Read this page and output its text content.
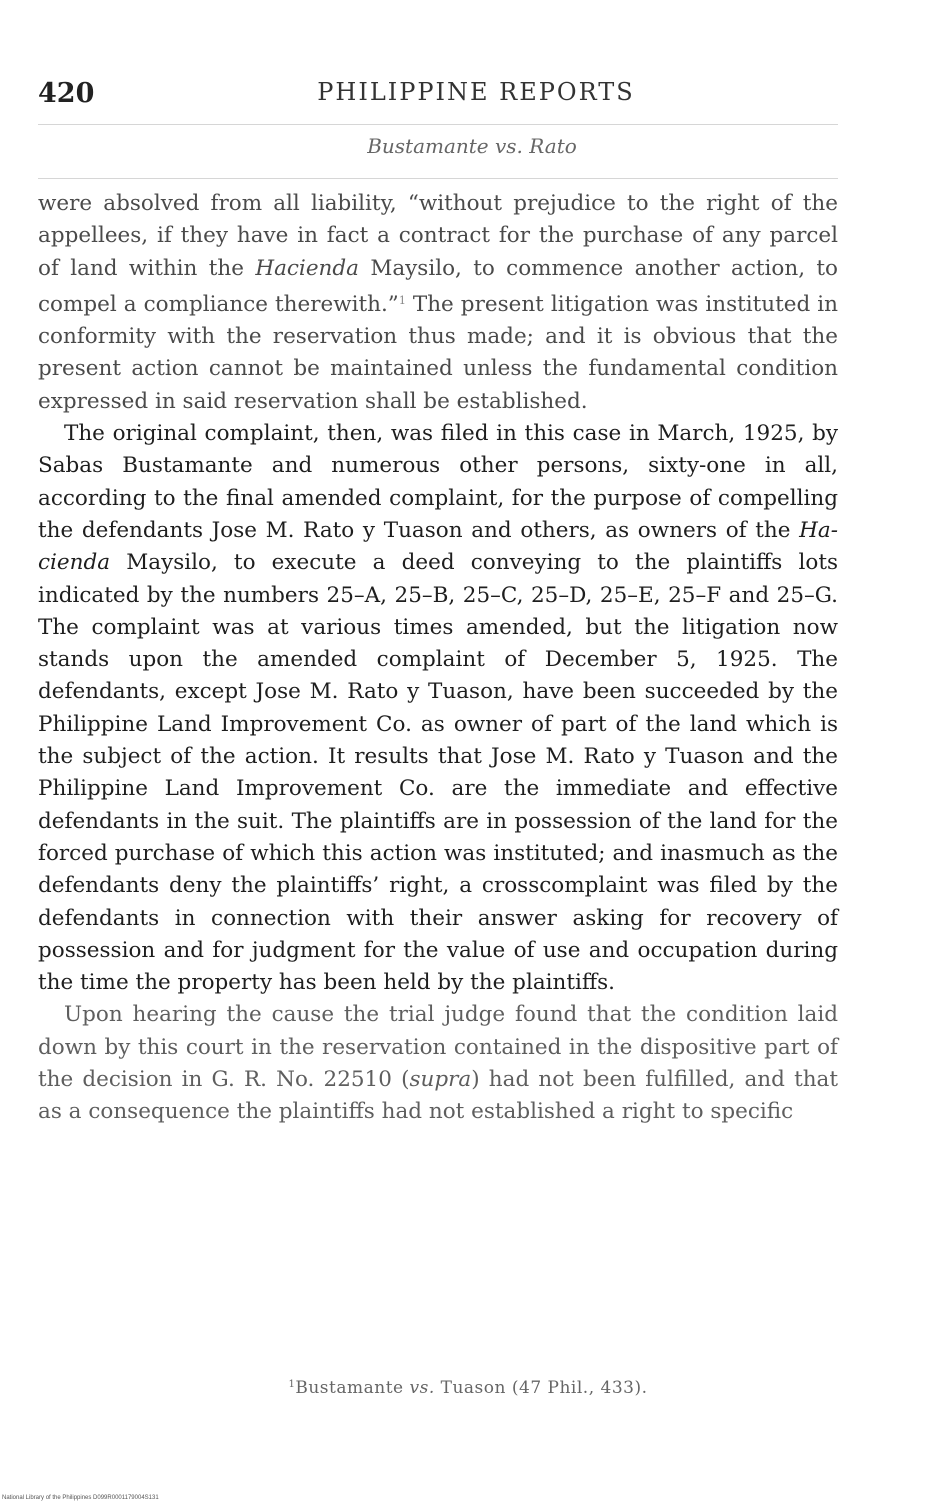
420	PHILIPPINE REPORTS
Bustamante vs. Rato

were absolved from all liability, “without prejudice to the right of the appellees, if they have in fact a contract for the purchase of any parcel of land within the Hacienda Maysilo, to commence another action, to compel a compliance therewith.”$^1$ The present litigation was instituted in conformity with the reservation thus made; and it is obvious that the present action cannot be maintained unless the fundamental condition expressed in said reservation shall be established.

The original complaint, then, was filed in this case in March, 1925, by Sabas Bustamante and numerous other persons, sixty-one in all, according to the final amended complaint, for the purpose of compelling the defendants Jose M. Rato y Tuason and others, as owners of the Hacienda Maysilo, to execute a deed conveying to the plaintiffs lots indicated by the numbers 25–A, 25–B, 25–C, 25–D, 25–E, 25–F and 25–G. The complaint was at various times amended, but the litigation now stands upon the amended complaint of December 5, 1925. The defendants, except Jose M. Rato y Tuason, have been succeeded by the Philippine Land Improvement Co. as owner of part of the land which is the subject of the action. It results that Jose M. Rato y Tuason and the Philippine Land Improvement Co. are the immediate and effective defendants in the suit. The plaintiffs are in possession of the land for the forced purchase of which this action was instituted; and inasmuch as the defendants deny the plaintiffs’ right, a crosscomplaint was filed by the defendants in connection with their answer asking for recovery of possession and for judgment for the value of use and occupation during the time the property has been held by the plaintiffs.

Upon hearing the cause the trial judge found that the condition laid down by this court in the reservation contained in the dispositive part of the decision in G. R. No. 22510 (supra) had not been fulfilled, and that as a consequence the plaintiffs had not established a right to specific

$^1$Bustamante vs. Tuason (47 Phil., 433).
National Library of the Philippines D099R0001179004S131
